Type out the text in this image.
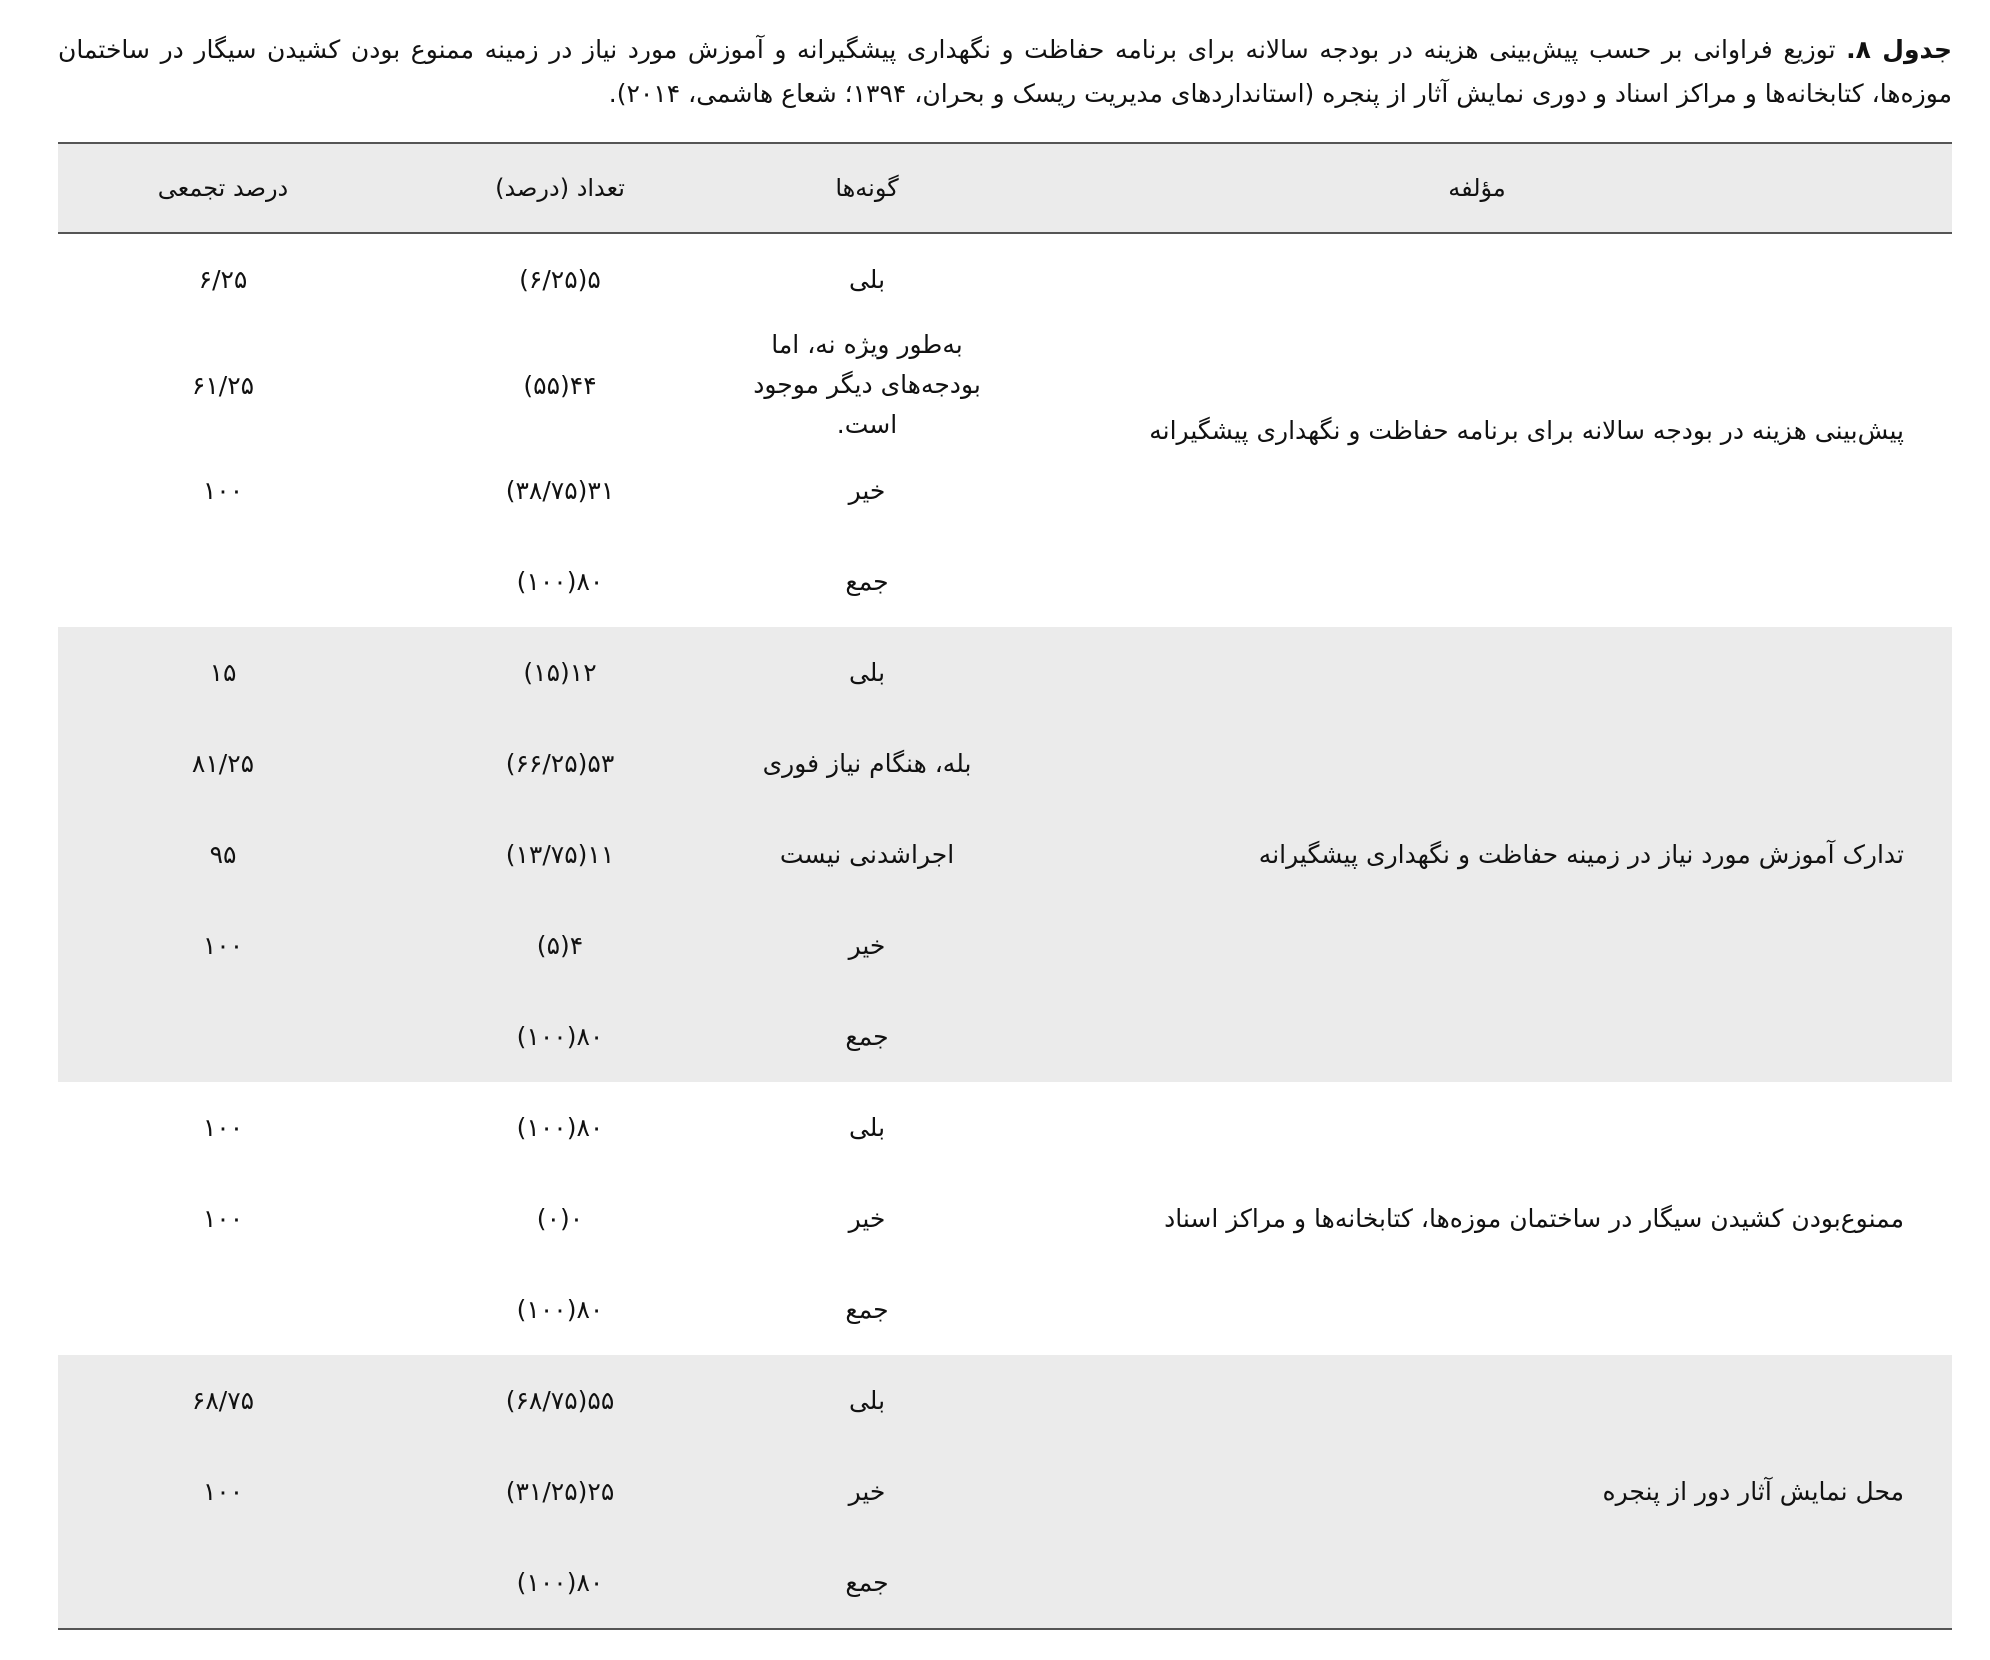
جدول ۸. توزیع فراوانی بر حسب پیش‌بینی هزینه در بودجه سالانه برای برنامه حفاظت و نگهداری پیشگیرانه و آموزش مورد نیاز در زمینه ممنوع بودن کشیدن سیگار در ساختمان موزه‌ها، کتابخانه‌ها و مراکز اسناد و دوری نمایش آثار از پنجره (استانداردهای مدیریت ریسک و بحران، ۱۳۹۴؛ شعاع هاشمی، ۲۰۱۴).

مؤلفه	گونه‌ها	تعداد (درصد)	درصد تجمعی
پیش‌بینی هزینه در بودجه سالانه برای برنامه حفاظت و نگهداری پیشگیرانه	بلی	۵(۶/۲۵)	۶/۲۵
	به‌طور ویژه نه، اما بودجه‌های دیگر موجود است.	۴۴(۵۵)	۶۱/۲۵
	خیر	۳۱(۳۸/۷۵)	۱۰۰
	جمع	۸۰(۱۰۰)	
تدارک آموزش مورد نیاز در زمینه حفاظت و نگهداری پیشگیرانه	بلی	۱۲(۱۵)	۱۵
	بله، هنگام نیاز فوری	۵۳(۶۶/۲۵)	۸۱/۲۵
	اجراشدنی نیست	۱۱(۱۳/۷۵)	۹۵
	خیر	۴(۵)	۱۰۰
	جمع	۸۰(۱۰۰)	
ممنوع‌بودن کشیدن سیگار در ساختمان موزه‌ها، کتابخانه‌ها و مراکز اسناد	بلی	۸۰(۱۰۰)	۱۰۰
	خیر	۰(۰)	۱۰۰
	جمع	۸۰(۱۰۰)	
محل نمایش آثار دور از پنجره	بلی	۵۵(۶۸/۷۵)	۶۸/۷۵
	خیر	۲۵(۳۱/۲۵)	۱۰۰
	جمع	۸۰(۱۰۰)	
